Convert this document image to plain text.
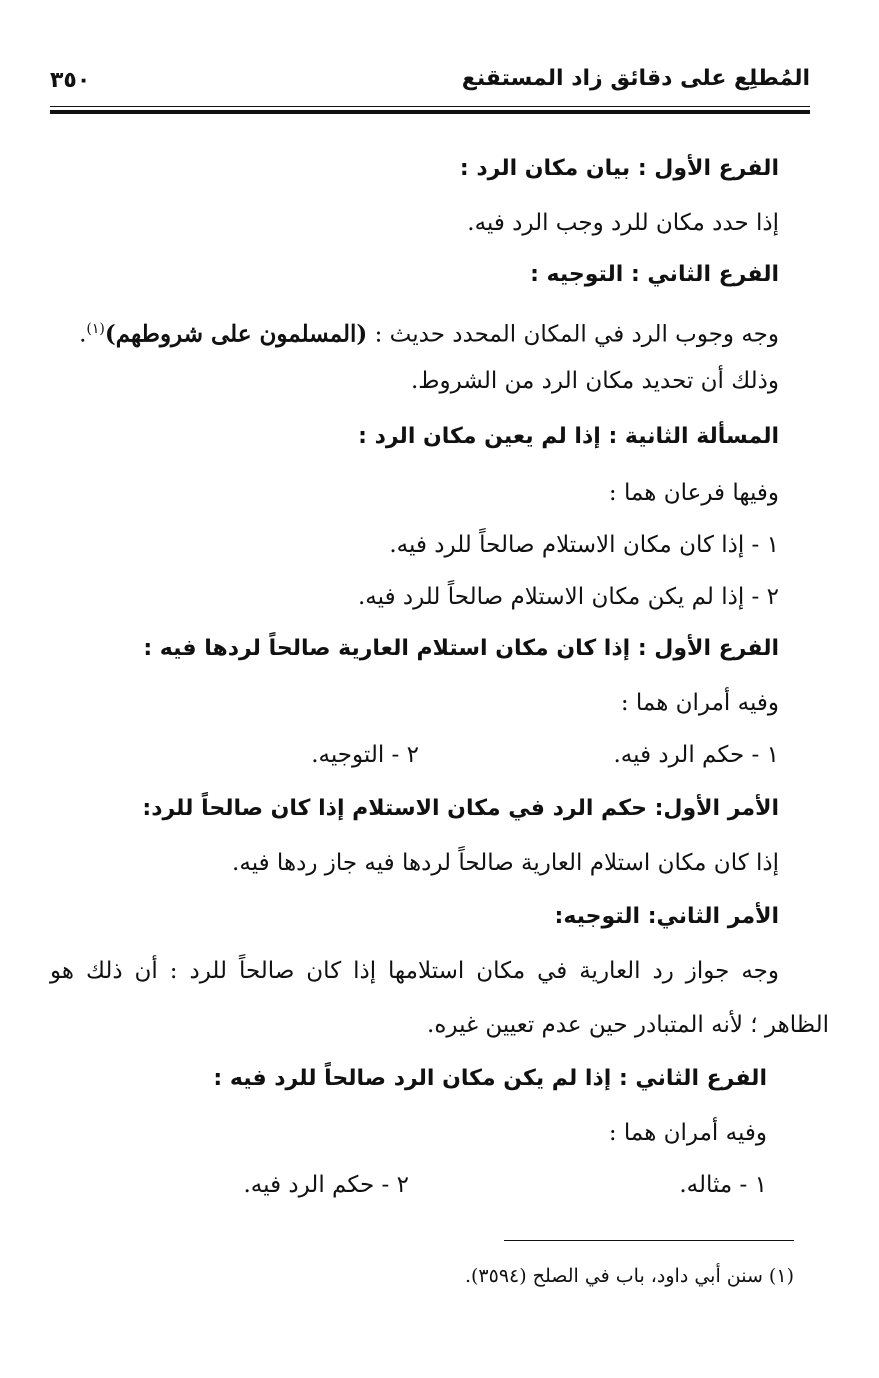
المُطلِع على دقائق زاد المستقنع
٣٥٠
الفرع الأول : بيان مكان الرد :
إذا حدد مكان للرد وجب الرد فيه.
الفرع الثاني : التوجيه :
وجه وجوب الرد في المكان المحدد حديث : (المسلمون على شروطهم)$^{(١)}$.
وذلك أن تحديد مكان الرد من الشروط.
المسألة الثانية : إذا لم يعين مكان الرد :
وفيها فرعان هما :
١ - إذا كان مكان الاستلام صالحاً للرد فيه.
٢ - إذا لم يكن مكان الاستلام صالحاً للرد فيه.
الفرع الأول : إذا كان مكان استلام العارية صالحاً لردها فيه :
وفيه أمران هما :
١ - حكم الرد فيه.
٢ - التوجيه.
الأمر الأول: حكم الرد في مكان الاستلام إذا كان صالحاً للرد:
إذا كان مكان استلام العارية صالحاً لردها فيه جاز ردها فيه.
الأمر الثاني: التوجيه:
وجه جواز رد العارية في مكان استلامها إذا كان صالحاً للرد : أن ذلك هو
الظاهر ؛ لأنه المتبادر حين عدم تعيين غيره.
الفرع الثاني : إذا لم يكن مكان الرد صالحاً للرد فيه :
وفيه أمران هما :
١ - مثاله.
٢ - حكم الرد فيه.
(١) سنن أبي داود، باب في الصلح (٣٥٩٤).
